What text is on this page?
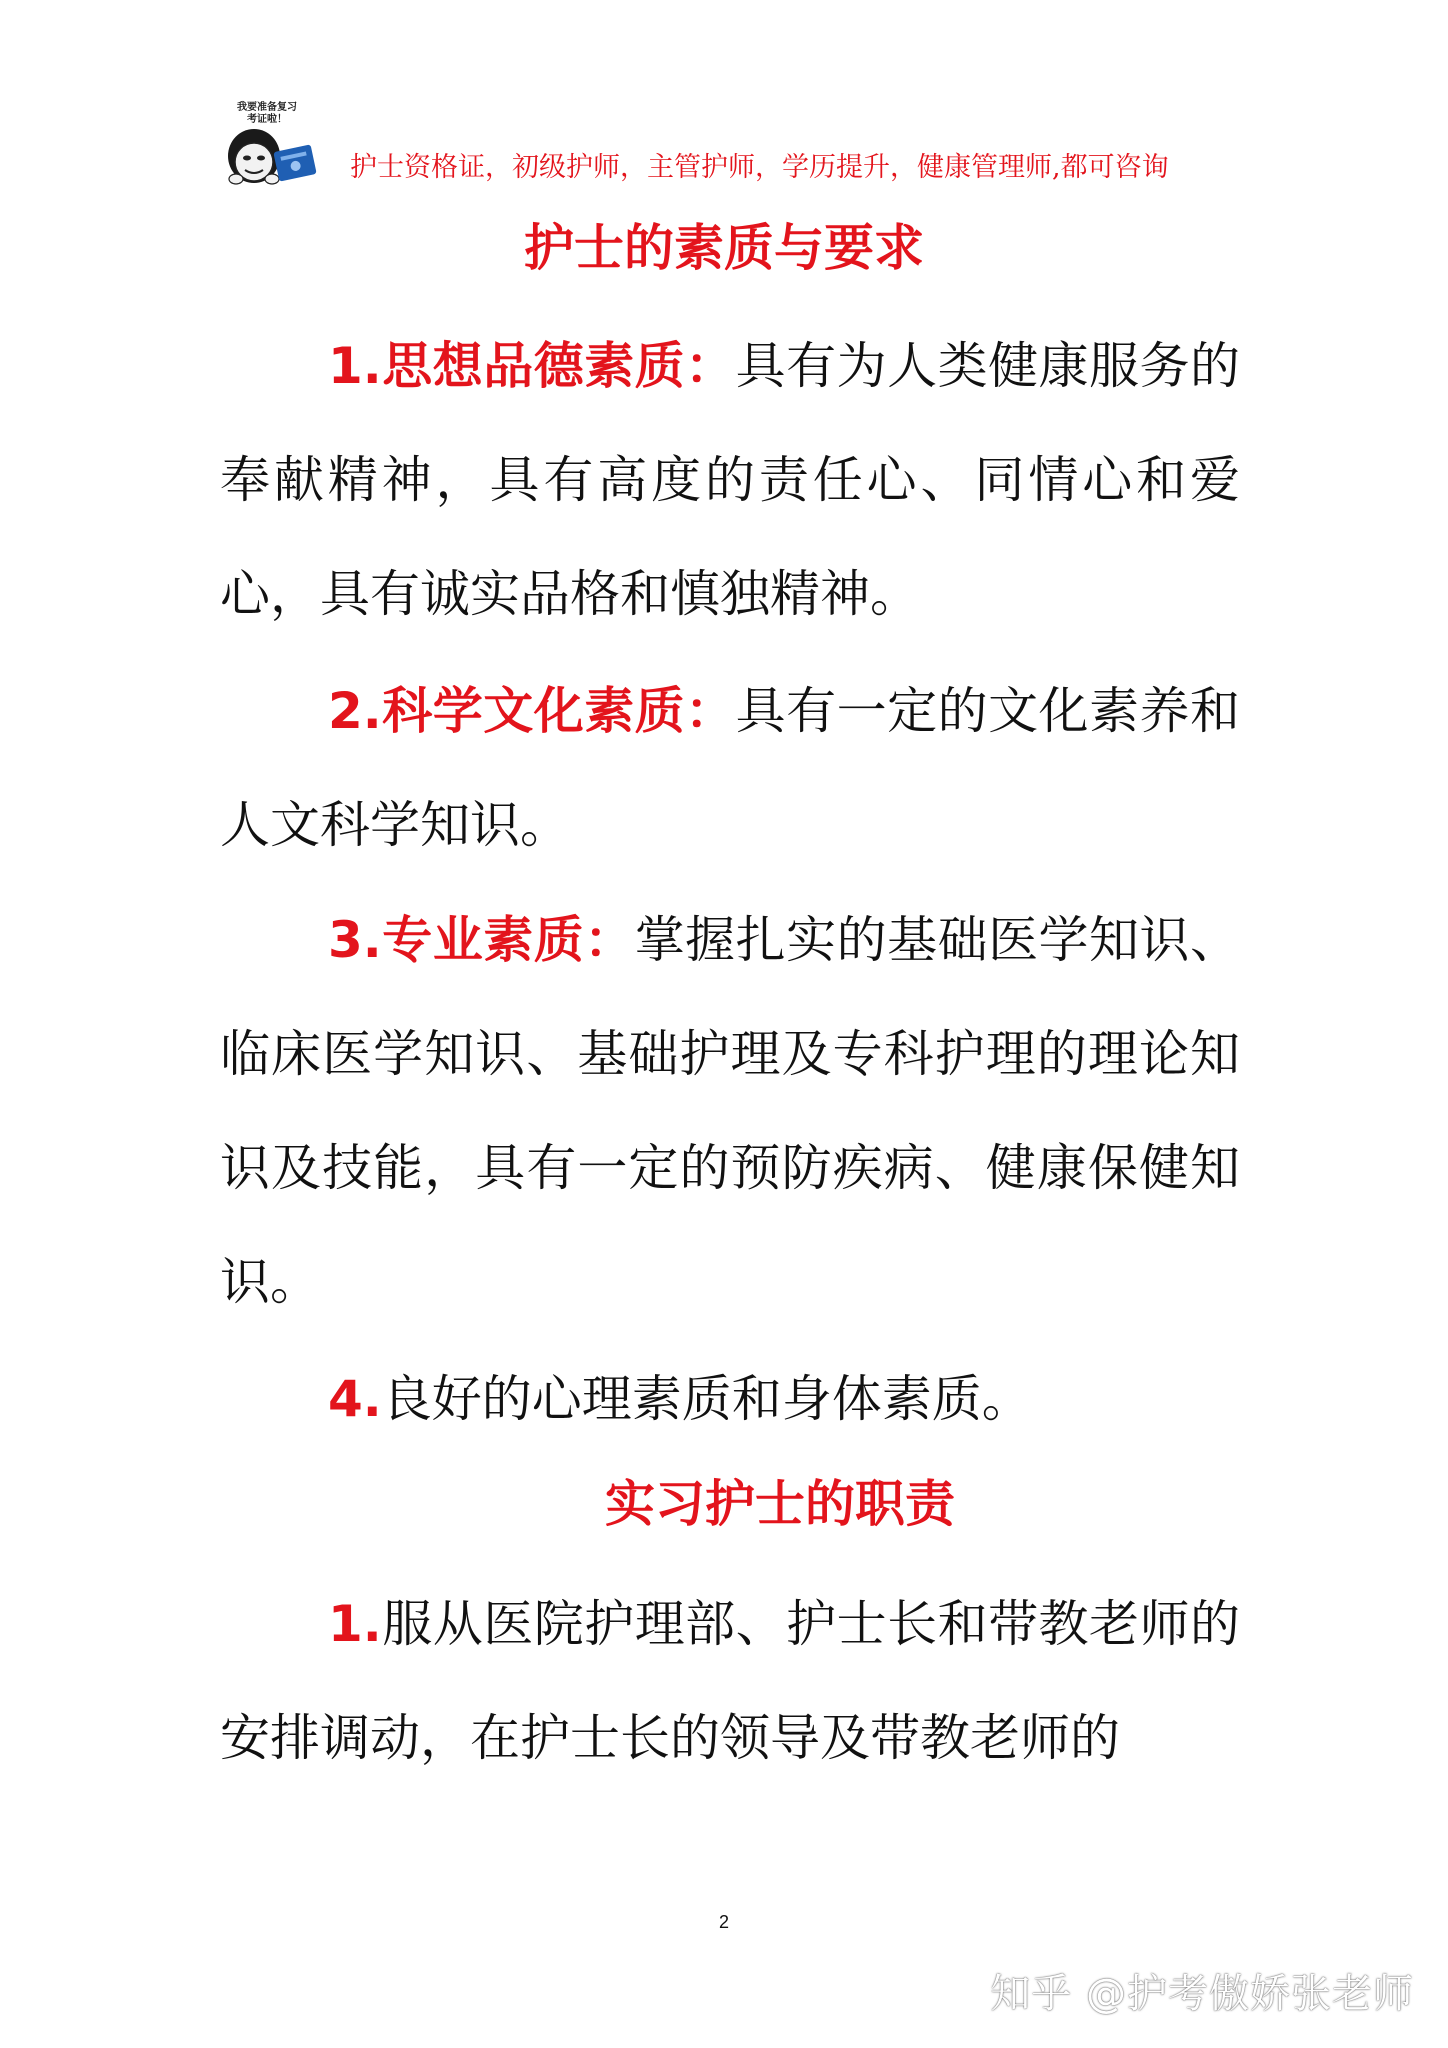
我要准备复习
考证啦！
护士资格证，初级护师，主管护师，学历提升，健康管理师,都可咨询
护士的素质与要求
1.思想品德素质：具有为人类健康服务的奉献精神，具有高度的责任心、同情心和爱心，具有诚实品格和慎独精神。
2.科学文化素质：具有一定的文化素养和人文科学知识。
3.专业素质：掌握扎实的基础医学知识、临床医学知识、基础护理及专科护理的理论知识及技能，具有一定的预防疾病、健康保健知识。
4.良好的心理素质和身体素质。
实习护士的职责
1.服从医院护理部、护士长和带教老师的安排调动，在护士长的领导及带教老师的
2
知乎 @护考傲娇张老师
